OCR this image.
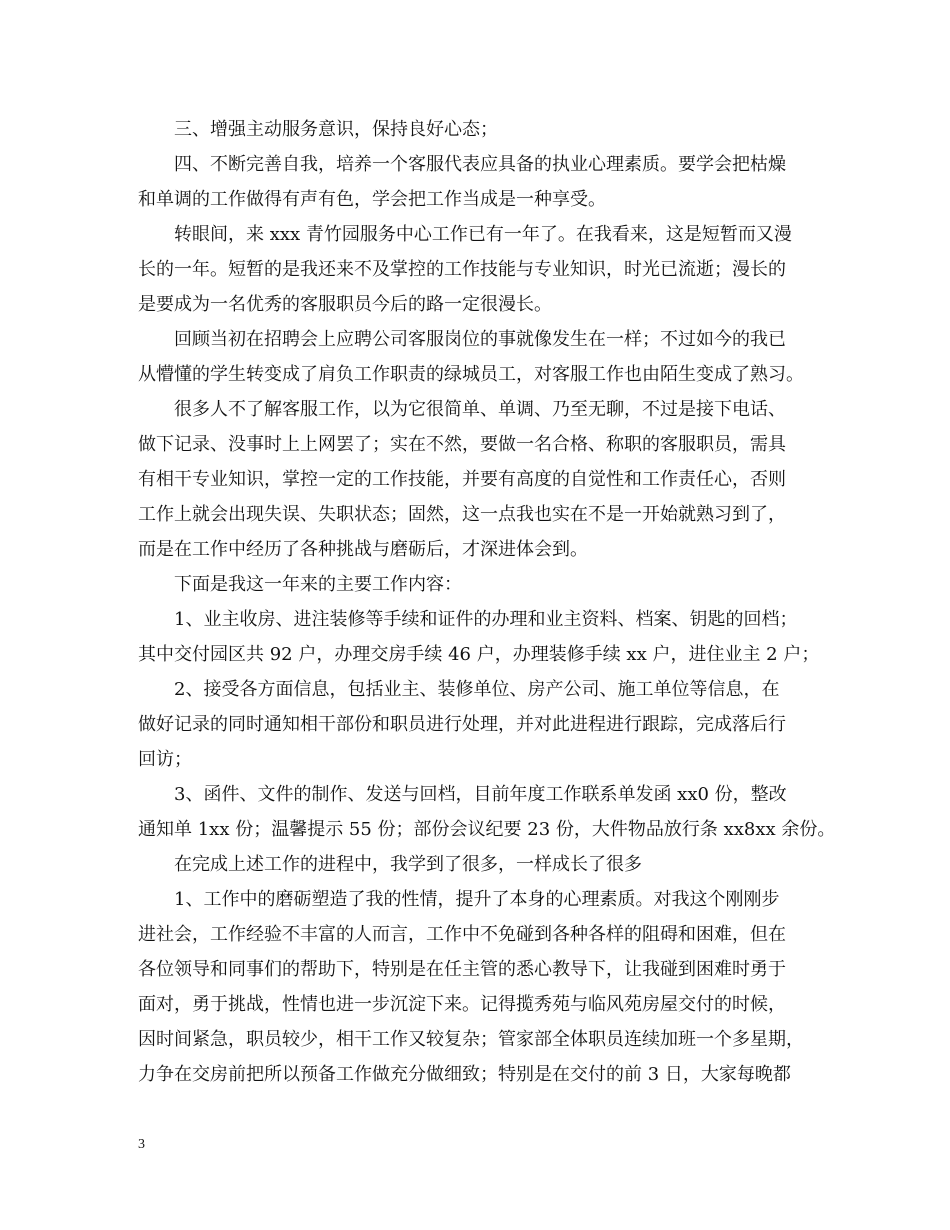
三、增强主动服务意识，保持良好心态；
四、不断完善自我，培养一个客服代表应具备的执业心理素质。要学会把枯燥
和单调的工作做得有声有色，学会把工作当成是一种享受。
转眼间，来 xxx 青竹园服务中心工作已有一年了。在我看来，这是短暂而又漫
长的一年。短暂的是我还来不及掌控的工作技能与专业知识，时光已流逝；漫长的
是要成为一名优秀的客服职员今后的路一定很漫长。
回顾当初在招聘会上应聘公司客服岗位的事就像发生在一样；不过如今的我已
从懵懂的学生转变成了肩负工作职责的绿城员工，对客服工作也由陌生变成了熟习。
很多人不了解客服工作，以为它很简单、单调、乃至无聊，不过是接下电话、
做下记录、没事时上上网罢了；实在不然，要做一名合格、称职的客服职员，需具
有相干专业知识，掌控一定的工作技能，并要有高度的自觉性和工作责任心，否则
工作上就会出现失误、失职状态；固然，这一点我也实在不是一开始就熟习到了，
而是在工作中经历了各种挑战与磨砺后，才深进体会到。
下面是我这一年来的主要工作内容：
1、业主收房、进注装修等手续和证件的办理和业主资料、档案、钥匙的回档；
其中交付园区共 92 户，办理交房手续 46 户，办理装修手续 xx 户，进住业主 2 户；
2、接受各方面信息，包括业主、装修单位、房产公司、施工单位等信息，在
做好记录的同时通知相干部份和职员进行处理，并对此进程进行跟踪，完成落后行
回访；
3、函件、文件的制作、发送与回档，目前年度工作联系单发函 xx0 份，整改
通知单 1xx 份；温馨提示 55 份；部份会议纪要 23 份，大件物品放行条 xx8xx 余份。
在完成上述工作的进程中，我学到了很多，一样成长了很多
1、工作中的磨砺塑造了我的性情，提升了本身的心理素质。对我这个刚刚步
进社会，工作经验不丰富的人而言，工作中不免碰到各种各样的阻碍和困难，但在
各位领导和同事们的帮助下，特别是在任主管的悉心教导下，让我碰到困难时勇于
面对，勇于挑战，性情也进一步沉淀下来。记得揽秀苑与临风苑房屋交付的时候，
因时间紧急，职员较少，相干工作又较复杂；管家部全体职员连续加班一个多星期，
力争在交房前把所以预备工作做充分做细致；特别是在交付的前 3 日，大家每晚都
3
